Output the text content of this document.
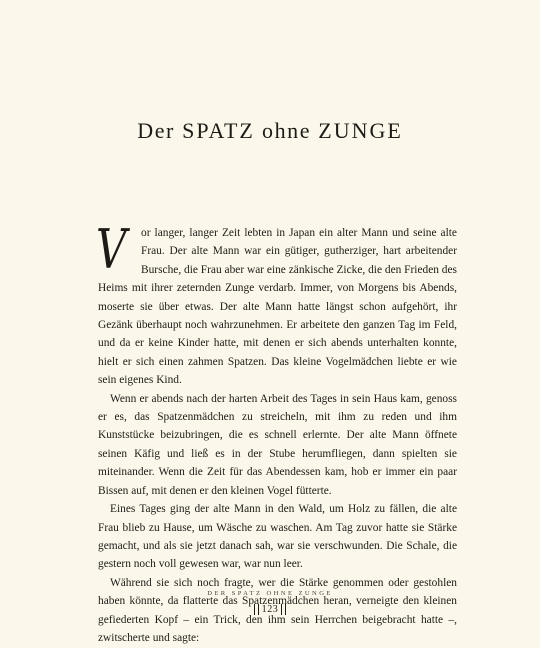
Der SPATZ ohne ZUNGE

V or langer, langer Zeit lebten in Japan ein alter Mann und seine alte Frau. Der alte Mann war ein gütiger, gutherziger, hart arbeitender Bursche, die Frau aber war eine zänkische Zicke, die den Frieden des Heims mit ihrer zeternden Zunge verdarb. Immer, von Morgens bis Abends, moserte sie über etwas. Der alte Mann hatte längst schon aufgehört, ihr Gezänk überhaupt noch wahrzunehmen. Er arbeitete den ganzen Tag im Feld, und da er keine Kinder hatte, mit denen er sich abends unterhalten konnte, hielt er sich einen zahmen Spatzen. Das kleine Vogelmädchen liebte er wie sein eigenes Kind.

Wenn er abends nach der harten Arbeit des Tages in sein Haus kam, genoss er es, das Spatzenmädchen zu streicheln, mit ihm zu reden und ihm Kunststücke beizubringen, die es schnell erlernte. Der alte Mann öffnete seinen Käfig und ließ es in der Stube herumfliegen, dann spielten sie miteinander. Wenn die Zeit für das Abendessen kam, hob er immer ein paar Bissen auf, mit denen er den kleinen Vogel fütterte.

Eines Tages ging der alte Mann in den Wald, um Holz zu fällen, die alte Frau blieb zu Hause, um Wäsche zu waschen. Am Tag zuvor hatte sie Stärke gemacht, und als sie jetzt danach sah, war sie verschwunden. Die Schale, die gestern noch voll gewesen war, war nun leer.

Während sie sich noch fragte, wer die Stärke genommen oder gestohlen haben könnte, da flatterte das Spatzenmädchen heran, verneigte den kleinen gefiederten Kopf – ein Trick, den ihm sein Herrchen beigebracht hatte –, zwitscherte und sagte:

DER SPATZ OHNE ZUNGE
123
